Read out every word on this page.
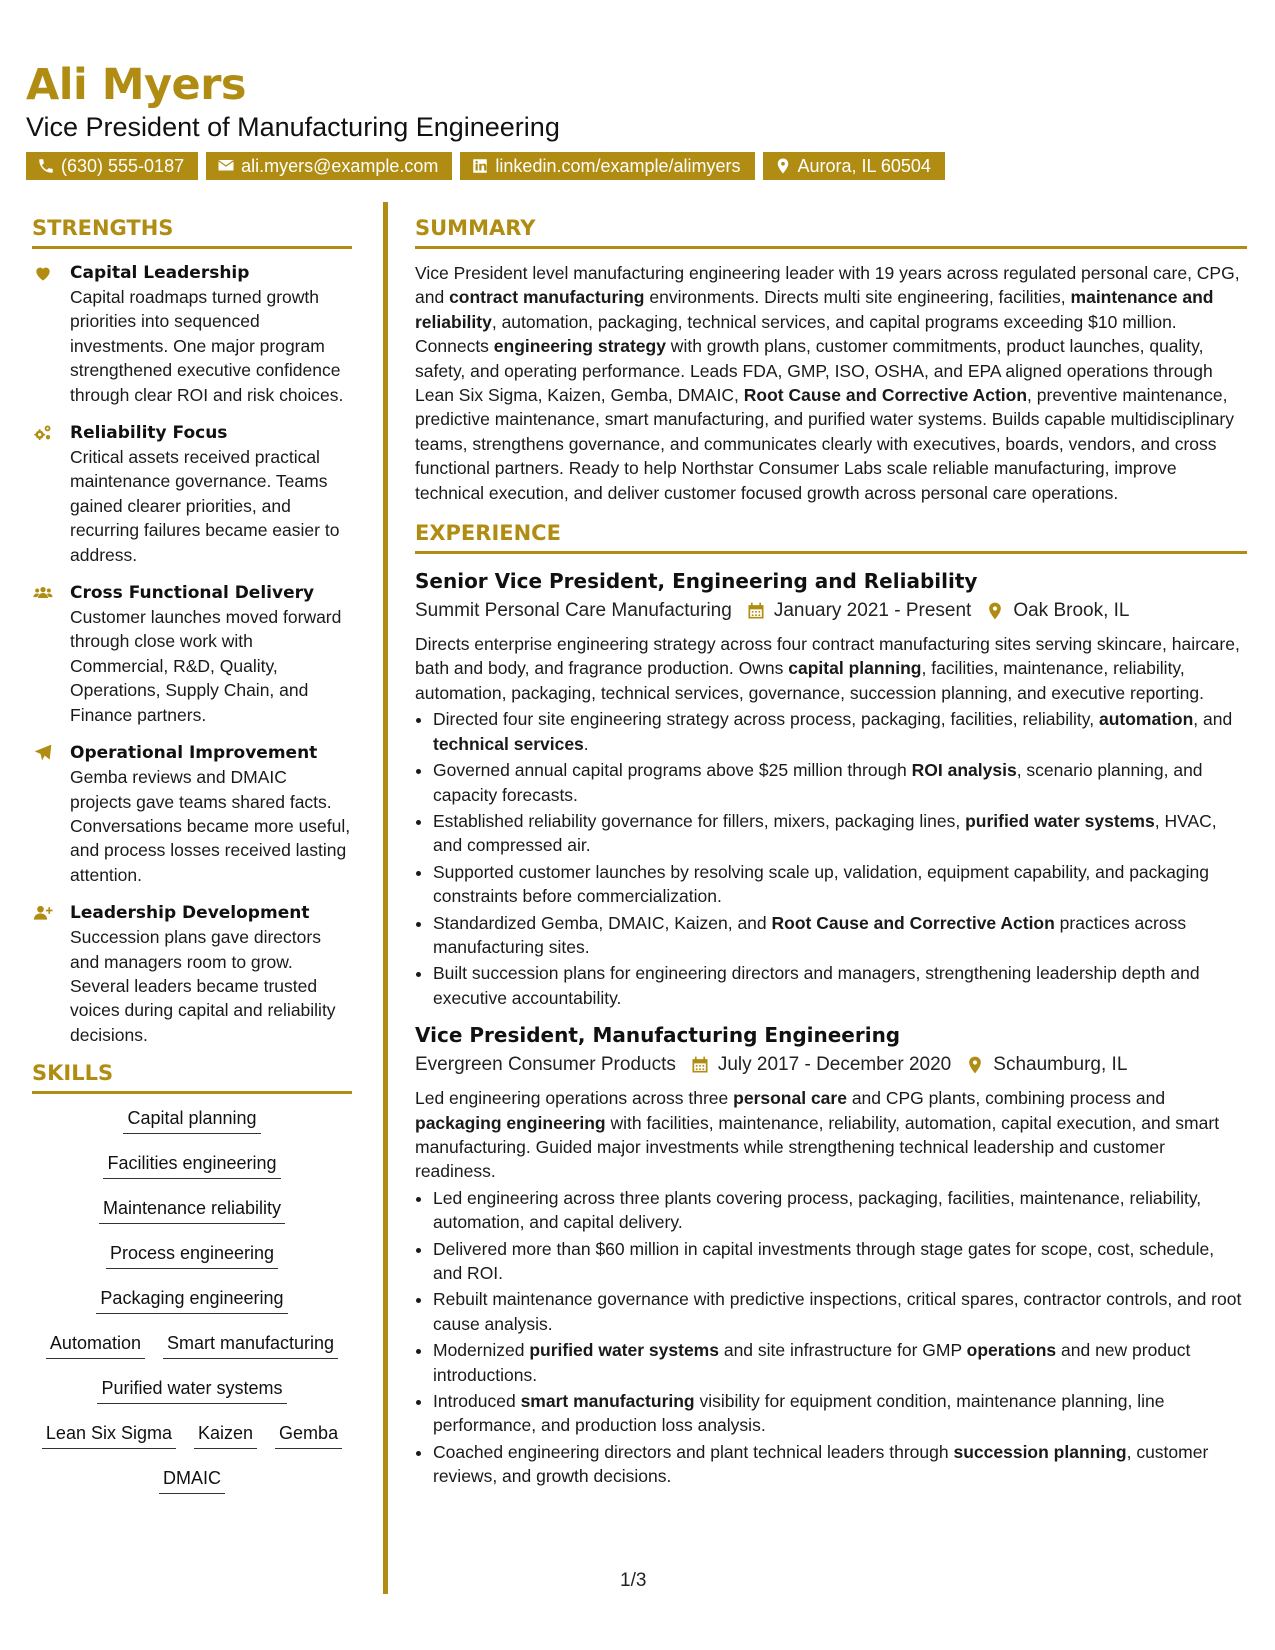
Ali Myers
Vice President of Manufacturing Engineering
(630) 555-0187	ali.myers@example.com	linkedin.com/example/alimyers	Aurora, IL 60504
STRENGTHS
Capital Leadership
Capital roadmaps turned growth priorities into sequenced investments. One major program strengthened executive confidence through clear ROI and risk choices.
Reliability Focus
Critical assets received practical maintenance governance. Teams gained clearer priorities, and recurring failures became easier to address.
Cross Functional Delivery
Customer launches moved forward through close work with Commercial, R&D, Quality, Operations, Supply Chain, and Finance partners.
Operational Improvement
Gemba reviews and DMAIC projects gave teams shared facts. Conversations became more useful, and process losses received lasting attention.
Leadership Development
Succession plans gave directors and managers room to grow. Several leaders became trusted voices during capital and reliability decisions.
SKILLS
Capital planning
Facilities engineering
Maintenance reliability
Process engineering
Packaging engineering
Automation Smart manufacturing
Purified water systems
Lean Six Sigma Kaizen Gemba
DMAIC
SUMMARY
Vice President level manufacturing engineering leader with 19 years across regulated personal care, CPG, and contract manufacturing environments. Directs multi site engineering, facilities, maintenance and reliability, automation, packaging, technical services, and capital programs exceeding $10 million. Connects engineering strategy with growth plans, customer commitments, product launches, quality, safety, and operating performance. Leads FDA, GMP, ISO, OSHA, and EPA aligned operations through Lean Six Sigma, Kaizen, Gemba, DMAIC, Root Cause and Corrective Action, preventive maintenance, predictive maintenance, smart manufacturing, and purified water systems. Builds capable multidisciplinary teams, strengthens governance, and communicates clearly with executives, boards, vendors, and cross functional partners. Ready to help Northstar Consumer Labs scale reliable manufacturing, improve technical execution, and deliver customer focused growth across personal care operations.
EXPERIENCE
Senior Vice President, Engineering and Reliability
Summit Personal Care Manufacturing January 2021 - Present Oak Brook, IL
Directs enterprise engineering strategy across four contract manufacturing sites serving skincare, haircare, bath and body, and fragrance production. Owns capital planning, facilities, maintenance, reliability, automation, packaging, technical services, governance, succession planning, and executive reporting.
• Directed four site engineering strategy across process, packaging, facilities, reliability, automation, and technical services.
• Governed annual capital programs above $25 million through ROI analysis, scenario planning, and capacity forecasts.
• Established reliability governance for fillers, mixers, packaging lines, purified water systems, HVAC, and compressed air.
• Supported customer launches by resolving scale up, validation, equipment capability, and packaging constraints before commercialization.
• Standardized Gemba, DMAIC, Kaizen, and Root Cause and Corrective Action practices across manufacturing sites.
• Built succession plans for engineering directors and managers, strengthening leadership depth and executive accountability.
Vice President, Manufacturing Engineering
Evergreen Consumer Products July 2017 - December 2020 Schaumburg, IL
Led engineering operations across three personal care and CPG plants, combining process and packaging engineering with facilities, maintenance, reliability, automation, capital execution, and smart manufacturing. Guided major investments while strengthening technical leadership and customer readiness.
• Led engineering across three plants covering process, packaging, facilities, maintenance, reliability, automation, and capital delivery.
• Delivered more than $60 million in capital investments through stage gates for scope, cost, schedule, and ROI.
• Rebuilt maintenance governance with predictive inspections, critical spares, contractor controls, and root cause analysis.
• Modernized purified water systems and site infrastructure for GMP operations and new product introductions.
• Introduced smart manufacturing visibility for equipment condition, maintenance planning, line performance, and production loss analysis.
• Coached engineering directors and plant technical leaders through succession planning, customer reviews, and growth decisions.
1/3
